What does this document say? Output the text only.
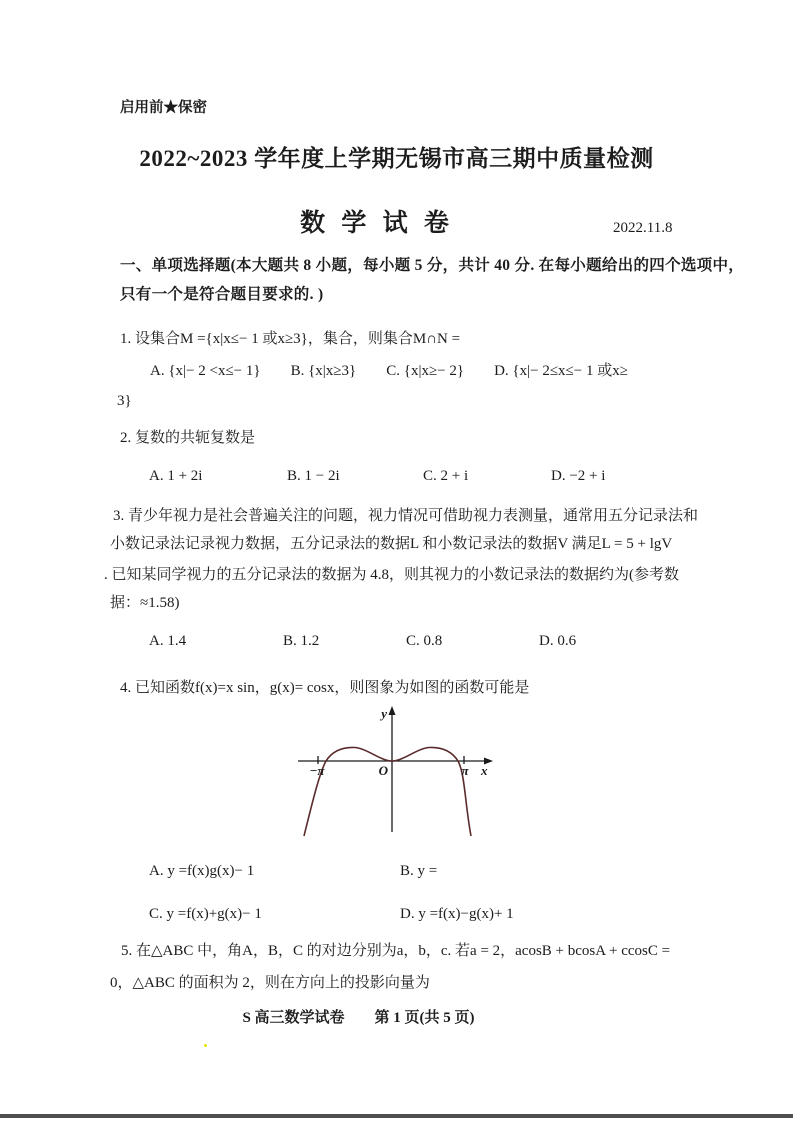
启用前★保密
2022~2023 学年度上学期无锡市高三期中质量检测
数 学 试 卷	2022.11.8
一、单项选择题(本大题共 8 小题，每小题 5 分，共计 40 分. 在每小题给出的四个选项中，
只有一个是符合题目要求的. )
1. 设集合M ={x|x≤− 1 或x≥3}，集合，则集合M∩N =
A. {x|− 2 <x≤− 1}　　B. {x|x≥3}　　C. {x|x≥− 2}　　D. {x|− 2≤x≤− 1 或x≥
3}
2. 复数的共轭复数是
A. 1 + 2i	B. 1 − 2i	C. 2 + i	D. −2 + i
3. 青少年视力是社会普遍关注的问题，视力情况可借助视力表测量，通常用五分记录法和
小数记录法记录视力数据，五分记录法的数据L 和小数记录法的数据V 满足L = 5 + lgV
. 已知某同学视力的五分记录法的数据为 4.8，则其视力的小数记录法的数据约为(参考数
据：≈1.58)
A. 1.4	B. 1.2	C. 0.8	D. 0.6
4. 已知函数f(x)=x sin，g(x)= cosx，则图象为如图的函数可能是
y
O
−π	π x
A. y =f(x)g(x)− 1	B. y =
C. y =f(x)+g(x)− 1	D. y =f(x)−g(x)+ 1
5. 在△ABC 中，角A，B，C 的对边分别为a，b，c. 若a = 2，acosB + bcosA + ccosC =
0，△ABC 的面积为 2，则在方向上的投影向量为
S 高三数学试卷　　第 1 页(共 5 页)
